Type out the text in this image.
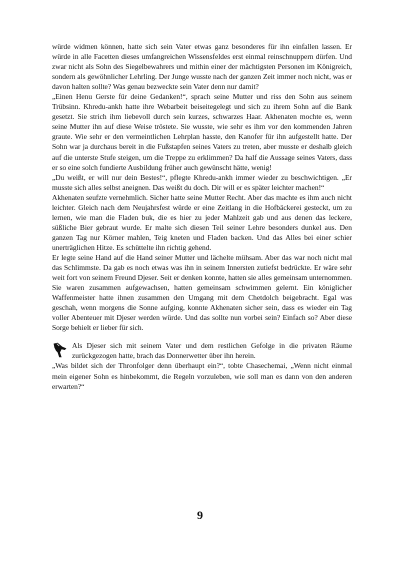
würde widmen können, hatte sich sein Vater etwas ganz besonderes für ihn einfallen lassen. Er würde in alle Facetten dieses umfangreichen Wissensfeldes erst einmal reinschnuppern dürfen. Und zwar nicht als Sohn des Siegelbewahrers und mithin einer der mächtigsten Personen im Königreich, sondern als gewöhnlicher Lehrling. Der Junge wusste nach der ganzen Zeit immer noch nicht, was er davon halten sollte? Was genau bezweckte sein Vater denn nur damit?

„Einen Henu Gerste für deine Gedanken!“, sprach seine Mutter und riss den Sohn aus seinem Trübsinn. Khredu-ankh hatte ihre Webarbeit beiseitegelegt und sich zu ihrem Sohn auf die Bank gesetzt. Sie strich ihm liebevoll durch sein kurzes, schwarzes Haar. Akhenaten mochte es, wenn seine Mutter ihn auf diese Weise tröstete. Sie wusste, wie sehr es ihm vor den kommenden Jahren graute. Wie sehr er den vermeintlichen Lehrplan hasste, den Kanofer für ihn aufgestellt hatte. Der Sohn war ja durchaus bereit in die Fußstapfen seines Vaters zu treten, aber musste er deshalb gleich auf die unterste Stufe steigen, um die Treppe zu erklimmen? Da half die Aussage seines Vaters, dass er so eine solch fundierte Ausbildung früher auch gewünscht hätte, wenig!

„Du weißt, er will nur dein Bestes!“, pflegte Khredu-ankh immer wieder zu beschwichtigen. „Er musste sich alles selbst aneignen. Das weißt du doch. Dir will er es später leichter machen!“

Akhenaten seufzte vernehmlich. Sicher hatte seine Mutter Recht. Aber das machte es ihm auch nicht leichter. Gleich nach dem Neujahrsfest würde er eine Zeitlang in die Hofbäckerei gesteckt, um zu lernen, wie man die Fladen buk, die es hier zu jeder Mahlzeit gab und aus denen das leckere, süßliche Bier gebraut wurde. Er malte sich diesen Teil seiner Lehre besonders dunkel aus. Den ganzen Tag nur Körner mahlen, Teig kneten und Fladen backen. Und das Alles bei einer schier unerträglichen Hitze. Es schüttelte ihn richtig gehend.

Er legte seine Hand auf die Hand seiner Mutter und lächelte mühsam. Aber das war noch nicht mal das Schlimmste. Da gab es noch etwas was ihn in seinem Innersten zutiefst bedrückte. Er wäre sehr weit fort von seinem Freund Djeser. Seit er denken konnte, hatten sie alles gemeinsam unternommen. Sie waren zusammen aufgewachsen, hatten gemeinsam schwimmen gelernt. Ein königlicher Waffenmeister hatte ihnen zusammen den Umgang mit dem Chetdolch beigebracht. Egal was geschah, wenn morgens die Sonne aufging, konnte Akhenaten sicher sein, dass es wieder ein Tag voller Abenteuer mit Djeser werden würde. Und das sollte nun vorbei sein? Einfach so? Aber diese Sorge behielt er lieber für sich.

Als Djeser sich mit seinem Vater und dem restlichen Gefolge in die privaten Räume zurückgezogen hatte, brach das Donnerwetter über ihn herein.

„Was bildet sich der Thronfolger denn überhaupt ein?“, tobte Chasechemai, „Wenn nicht einmal mein eigener Sohn es hinbekommt, die Regeln vorzuleben, wie soll man es dann von den anderen erwarten?“

9
